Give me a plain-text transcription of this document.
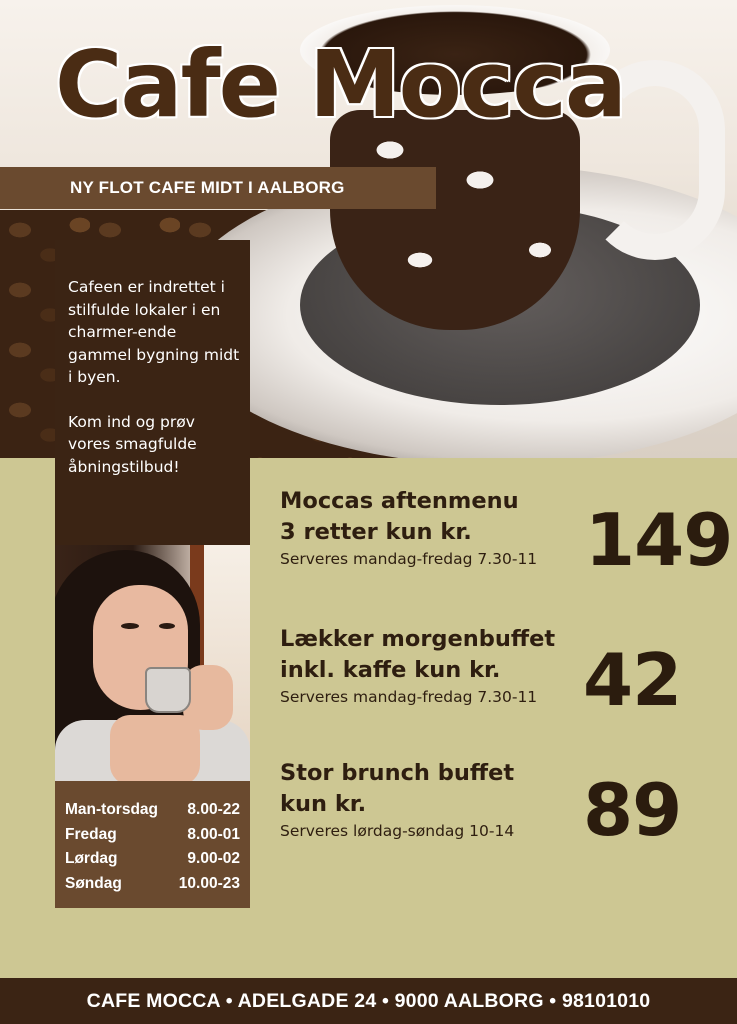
Cafe Mocca
NY FLOT CAFE MIDT I AALBORG

Cafeen er indrettet i stilfulde lokaler i en charmer-ende gammel bygning midt i byen.

Kom ind og prøv vores smagfulde åbningstilbud!

Man-torsdag 8.00-22
Fredag	8.00-01
Lørdag	9.00-02
Søndag	10.00-23
Moccas aftenmenu
3 retter kun kr.
Serveres mandag-fredag 7.30-11 149
Lækker morgenbuffet
inkl. kaffe kun kr.
Serveres mandag-fredag 7.30-11 42
Stor brunch buffet
kun kr.
Serveres lørdag-søndag 10-14 89
CAFE MOCCA • ADELGADE 24 • 9000 AALBORG • 98101010
